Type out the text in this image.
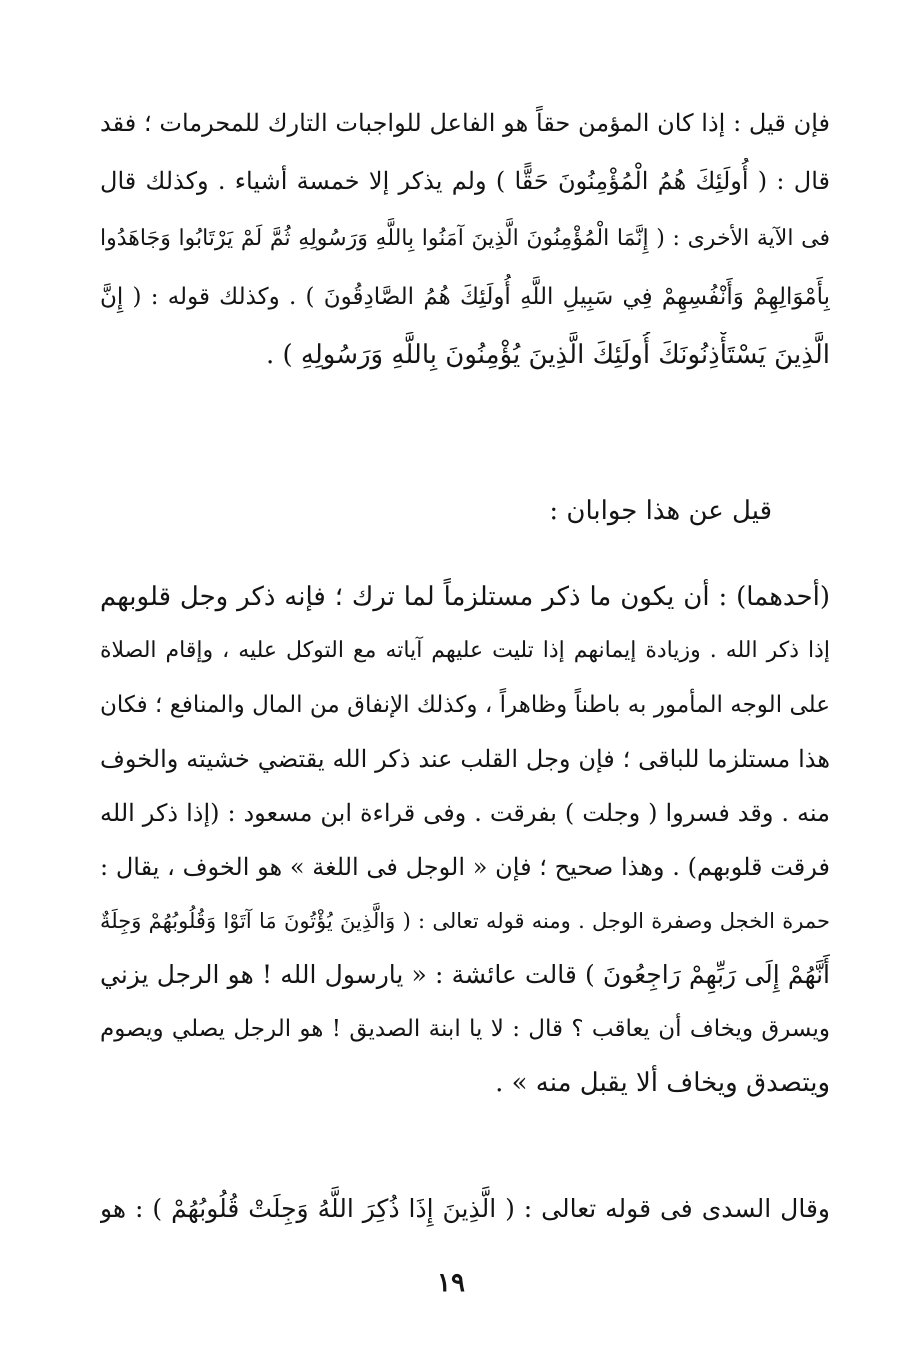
فإن قيل : إذا كان المؤمن حقاً هو الفاعل للواجبات التارك للمحرمات ؛ فقد
قال : ( أُولَئِكَ هُمُ الْمُؤْمِنُونَ حَقًّا ) ولم يذكر إلا خمسة أشياء . وكذلك قال
فى الآية الأخرى : ( إِنَّمَا الْمُؤْمِنُونَ الَّذِينَ آمَنُوا بِاللَّهِ وَرَسُولِهِ ثُمَّ لَمْ يَرْتَابُوا وَجَاهَدُوا
بِأَمْوَالِهِمْ وَأَنْفُسِهِمْ فِي سَبِيلِ اللَّهِ أُولَئِكَ هُمُ الصَّادِقُونَ ) . وكذلك قوله : ( إِنَّ
الَّذِينَ يَسْتَأْذِنُونَكَ أُولَئِكَ الَّذِينَ يُؤْمِنُونَ بِاللَّهِ وَرَسُولِهِ ) .
قيل عن هذا جوابان :
(أحدهما) : أن يكون ما ذكر مستلزماً لما ترك ؛ فإنه ذكر وجل قلوبهم
إذا ذكر الله . وزيادة إيمانهم إذا تليت عليهم آياته مع التوكل عليه ، وإقام الصلاة
على الوجه المأمور به باطناً وظاهراً ، وكذلك الإنفاق من المال والمنافع ؛ فكان
هذا مستلزما للباقى ؛ فإن وجل القلب عند ذكر الله يقتضي خشيته والخوف
منه . وقد فسروا ( وجلت ) بفرقت . وفى قراءة ابن مسعود : (إذا ذكر الله
فرقت قلوبهم) . وهذا صحيح ؛ فإن « الوجل فى اللغة » هو الخوف ، يقال :
حمرة الخجل وصفرة الوجل . ومنه قوله تعالى : ( وَالَّذِينَ يُؤْتُونَ مَا آتَوْا وَقُلُوبُهُمْ وَجِلَةٌ
أَنَّهُمْ إِلَى رَبِّهِمْ رَاجِعُونَ ) قالت عائشة : « يارسول الله ! هو الرجل يزني
ويسرق ويخاف أن يعاقب ؟ قال : لا يا ابنة الصديق ! هو الرجل يصلي ويصوم
ويتصدق ويخاف ألا يقبل منه » .
وقال السدى فى قوله تعالى : ( الَّذِينَ إِذَا ذُكِرَ اللَّهُ وَجِلَتْ قُلُوبُهُمْ ) : هو
١٩
